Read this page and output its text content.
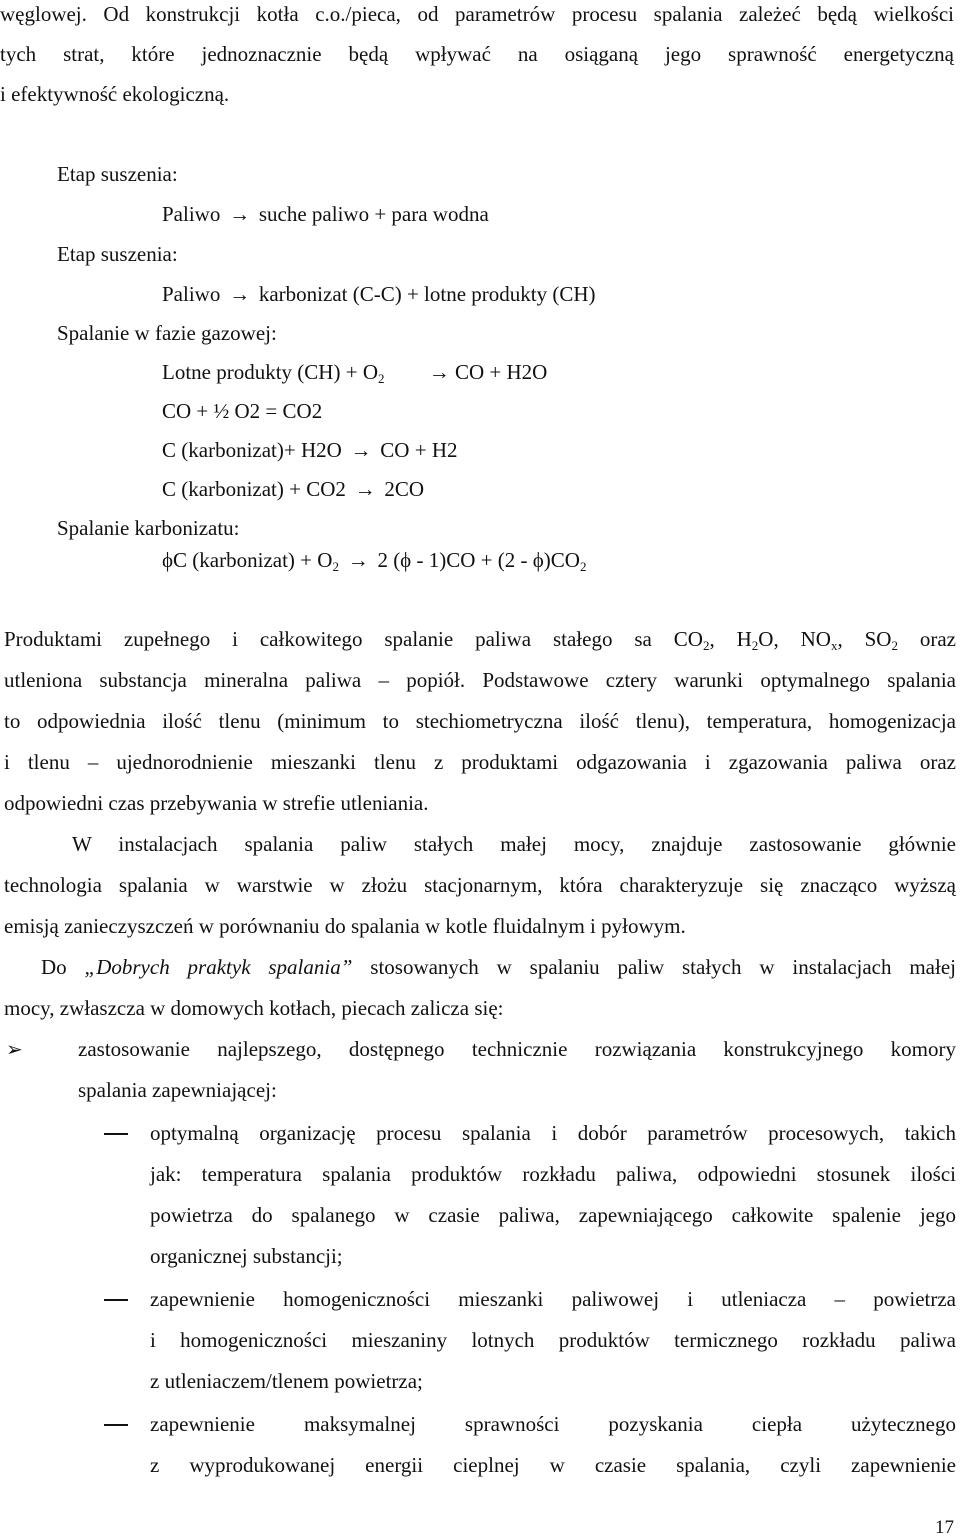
węglowej. Od konstrukcji kotła c.o./pieca, od parametrów procesu spalania zależeć będą wielkości
tych strat, które jednoznacznie będą wpływać na osiąganą jego sprawność energetyczną
i efektywność ekologiczną.
Etap suszenia:
Paliwo → suche paliwo + para wodna
Etap suszenia:
Paliwo → karbonizat (C-C) + lotne produkty (CH)
Spalanie w fazie gazowej:
Lotne produkty $(CH) + O_2$ → CO + H2O
CO + ½ O2 = CO2
C (karbonizat)+ H2O → CO + H2
C (karbonizat) + CO2 → 2CO
Spalanie karbonizatu:
ϕC (karbonizat) + $O_2 \to 2$ $(\phi - 1)CO + (2 - \phi)CO_2$
Produktami zupełnego i całkowitego spalanie paliwa stałego sa $CO_2$, $H_2O$, $NO_x$, $SO_2$ oraz
utleniona substancja mineralna paliwa – popiół. Podstawowe cztery warunki optymalnego spalania
to odpowiednia ilość tlenu (minimum to stechiometryczna ilość tlenu), temperatura, homogenizacja
i tlenu – ujednorodnienie mieszanki tlenu z produktami odgazowania i zgazowania paliwa oraz
odpowiedni czas przebywania w strefie utleniania.
W instalacjach spalania paliw stałych małej mocy, znajduje zastosowanie głównie
technologia spalania w warstwie w złożu stacjonarnym, która charakteryzuje się znacząco wyższą
emisją zanieczyszczeń w porównaniu do spalania w kotle fluidalnym i pyłowym.
Do „Dobrych praktyk spalania” stosowanych w spalaniu paliw stałych w instalacjach małej
mocy, zwłaszcza w domowych kotłach, piecach zalicza się:
➢	zastosowanie najlepszego, dostępnego technicznie rozwiązania konstrukcyjnego komory
spalania zapewniającej:
optymalną organizację procesu spalania i dobór parametrów procesowych, takich
jak: temperatura spalania produktów rozkładu paliwa, odpowiedni stosunek ilości
powietrza do spalanego w czasie paliwa, zapewniającego całkowite spalenie jego
organicznej substancji;
zapewnienie homogeniczności mieszanki paliwowej i utleniacza – powietrza
i homogeniczności mieszaniny lotnych produktów termicznego rozkładu paliwa
z utleniaczem/tlenem powietrza;
zapewnienie maksymalnej sprawności pozyskania ciepła użytecznego
z wyprodukowanej energii cieplnej w czasie spalania, czyli zapewnienie
17
